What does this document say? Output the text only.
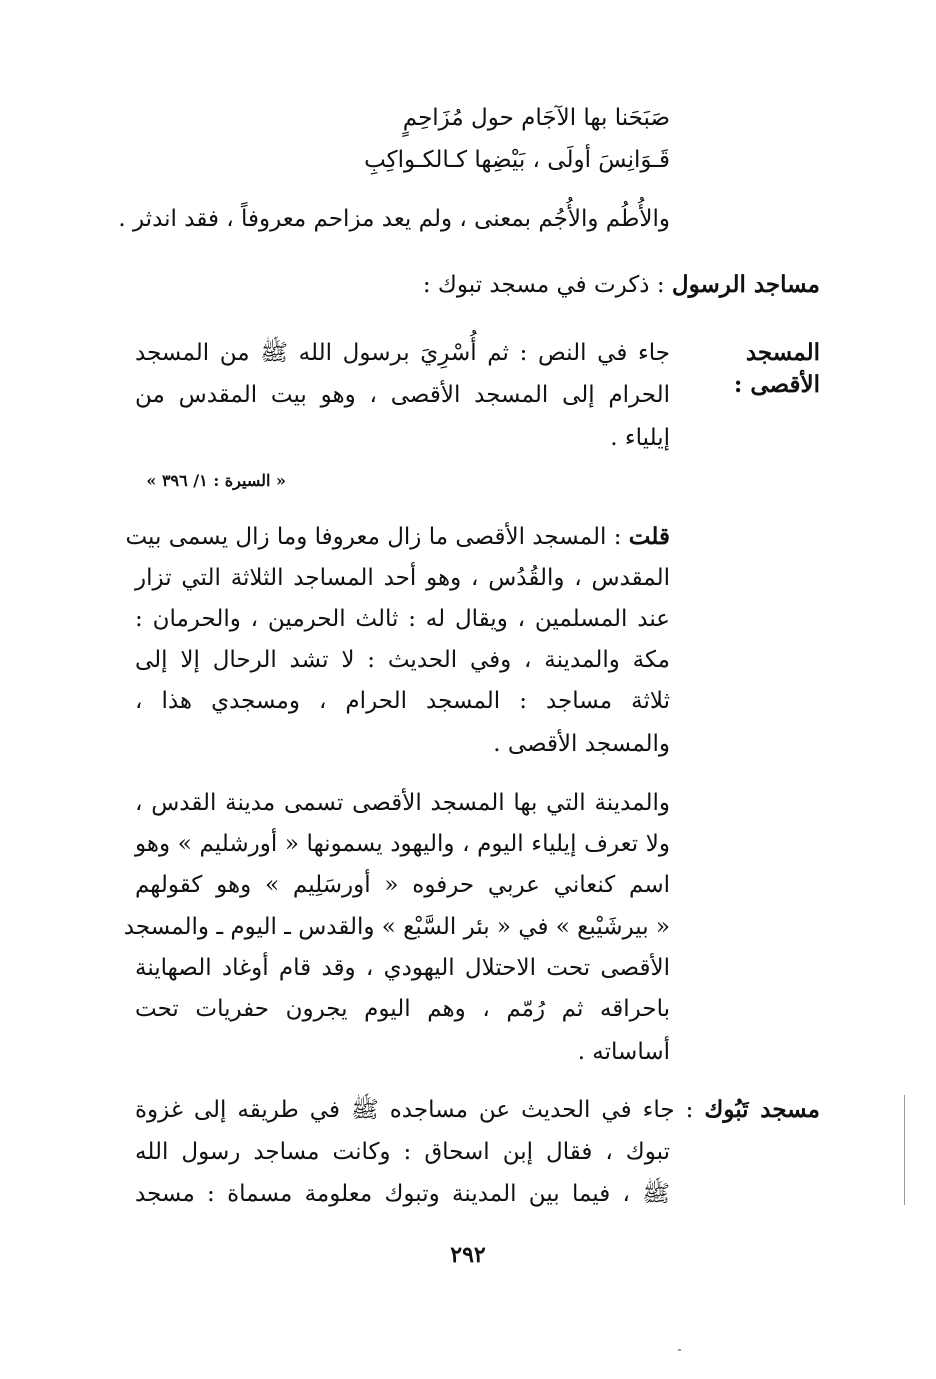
صَبَحَنا بها الآجَام حول مُزَاحِمٍ
قَـوَانِسَ أولَى ، بَيْضِها كـالكـواكِبِ
والأُطُم والأُجُم بمعنى ، ولم يعد مزاحم معروفاً ، فقد اندثر .
مساجد الرسول : ذكرت في مسجد تبوك :
المسجد
الأقصى :
جاء في النص : ثم أُسْرِيَ برسول الله ﷺ من المسجد
الحرام إلى المسجد الأقصى ، وهو بيت المقدس من
إيلياء .
« السيرة : ١/ ٣٩٦ »
قلت : المسجد الأقصى ما زال معروفا وما زال يسمى بيت
المقدس ، والقُدُس ، وهو أحد المساجد الثلاثة التي تزار
عند المسلمين ، ويقال له : ثالث الحرمين ، والحرمان :
مكة والمدينة ، وفي الحديث : لا تشد الرحال إلا إلى
ثلاثة مساجد : المسجد الحرام ، ومسجدي هذا ،
والمسجد الأقصى .
والمدينة التي بها المسجد الأقصى تسمى مدينة القدس ،
ولا تعرف إيلياء اليوم ، واليهود يسمونها « أورشليم » وهو
اسم كنعاني عربي حرفوه « أورسَلِيم » وهو كقولهم
« بيرشَيْبع » في « بئر السَّبْع » والقدس ـ اليوم ـ والمسجد
الأقصى تحت الاحتلال اليهودي ، وقد قام أوغاد الصهاينة
باحراقه ثم رُمّم ، وهم اليوم يجرون حفريات تحت
أساساته .
مسجد تَبُوك : جاء في الحديث عن مساجده ﷺ في طريقه إلى غزوة
تبوك ، فقال إبن اسحاق : وكانت مساجد رسول الله
ﷺ ، فيما بين المدينة وتبوك معلومة مسماة : مسجد
٢٩٢
